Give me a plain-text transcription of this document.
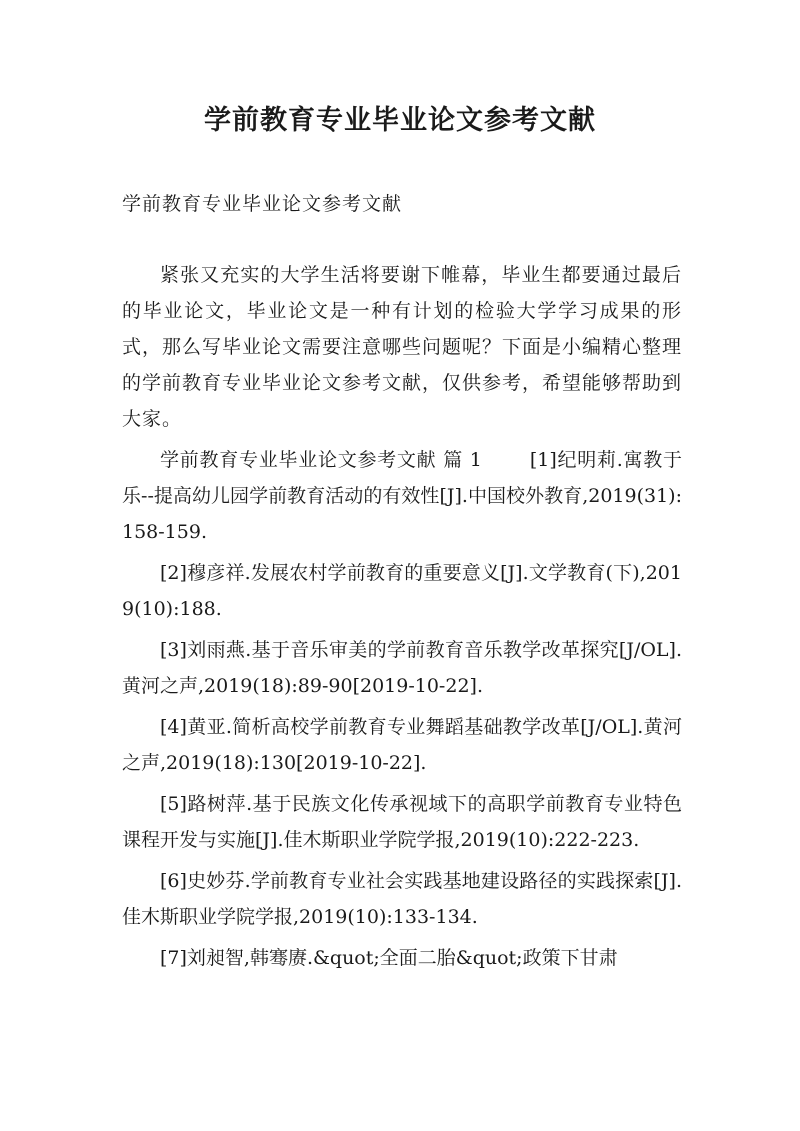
学前教育专业毕业论文参考文献

学前教育专业毕业论文参考文献

紧张又充实的大学生活将要谢下帷幕，毕业生都要通过最后的毕业论文，毕业论文是一种有计划的检验大学学习成果的形式，那么写毕业论文需要注意哪些问题呢？下面是小编精心整理的学前教育专业毕业论文参考文献，仅供参考，希望能够帮助到大家。

学前教育专业毕业论文参考文献 篇 1	[1]纪明莉.寓教于乐--提高幼儿园学前教育活动的有效性[J].中国校外教育,2019(31):158-159.

[2]穆彦祥.发展农村学前教育的重要意义[J].文学教育(下),2019(10):188.

[3]刘雨燕.基于音乐审美的学前教育音乐教学改革探究[J/OL].黄河之声,2019(18):89-90[2019-10-22].

[4]黄亚.简析高校学前教育专业舞蹈基础教学改革[J/OL].黄河之声,2019(18):130[2019-10-22].

[5]路树萍.基于民族文化传承视域下的高职学前教育专业特色课程开发与实施[J].佳木斯职业学院学报,2019(10):222-223.

[6]史妙芬.学前教育专业社会实践基地建设路径的实践探索[J].佳木斯职业学院学报,2019(10):133-134.

[7]刘昶智,韩骞赓.&quot;全面二胎&quot;政策下甘肃
